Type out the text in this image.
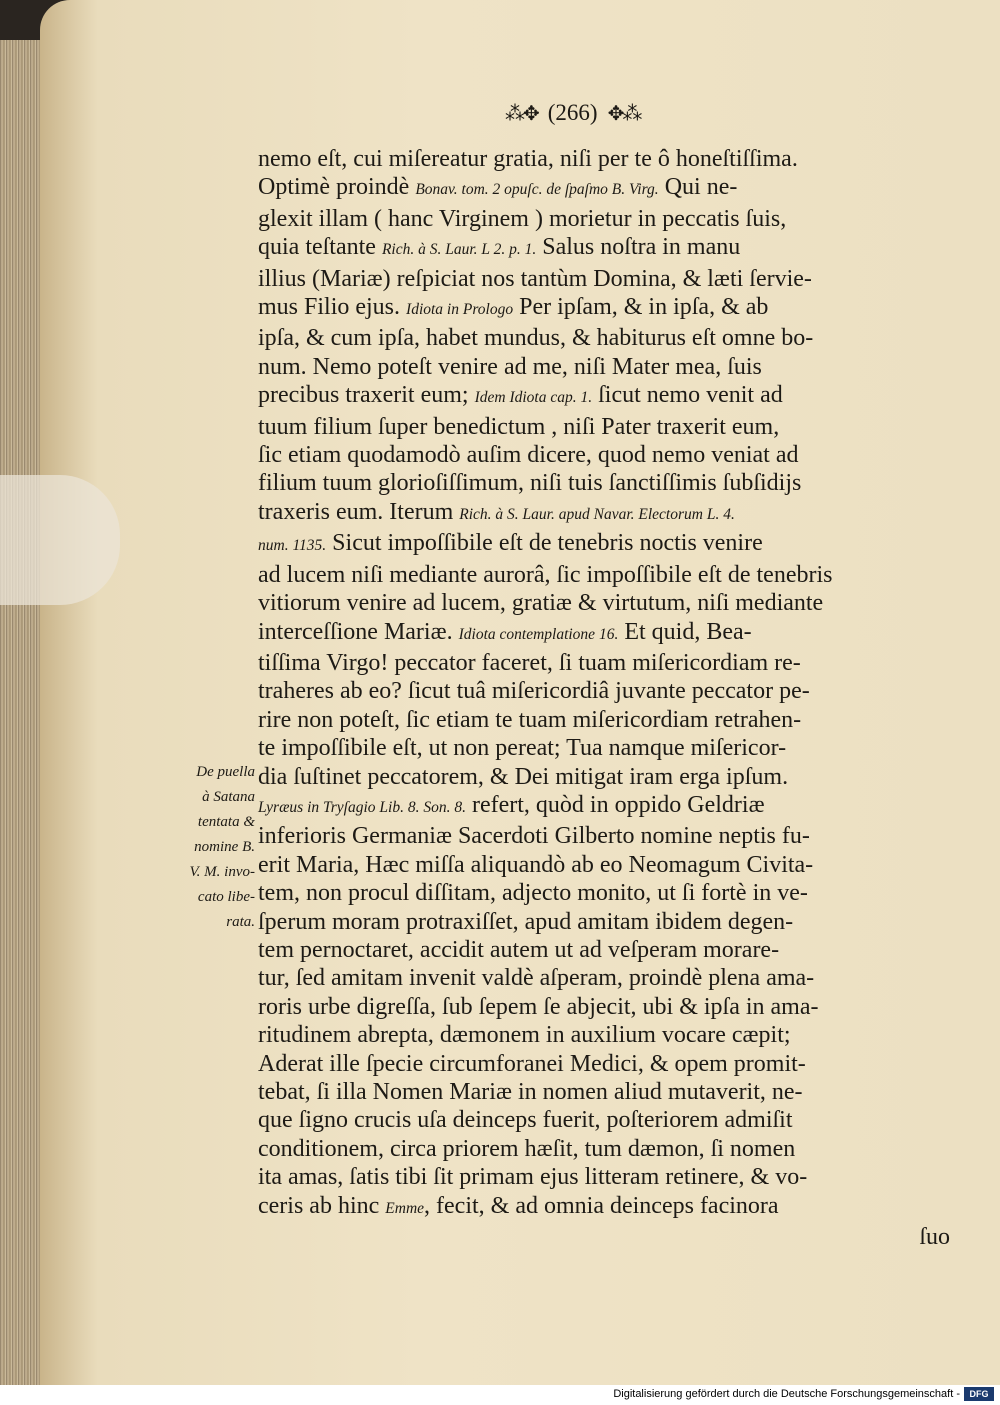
⁂✥ (266) ✥⁂
nemo eſt, cui miſereatur gratia, niſi per te ô honeſtiſſima.
Optimè proindè Bonav. tom. 2 opuſc. de ſpaſmo B. Virg. Qui ne-
glexit illam ( hanc Virginem ) morietur in peccatis ſuis,
quia teſtante Rich. à S. Laur. L 2. p. 1. Salus noſtra in manu
illius (Mariæ) reſpiciat nos tantùm Domina, & læti ſervie-
mus Filio ejus. Idiota in Prologo Per ipſam, & in ipſa, & ab
ipſa, & cum ipſa, habet mundus, & habiturus eſt omne bo-
num. Nemo poteſt venire ad me, niſi Mater mea, ſuis
precibus traxerit eum; Idem Idiota cap. 1. ſicut nemo venit ad
tuum filium ſuper benedictum , niſi Pater traxerit eum,
ſic etiam quodamodò auſim dicere, quod nemo veniat ad
filium tuum glorioſiſſimum, niſi tuis ſanctiſſimis ſubſidijs
traxeris eum. Iterum Rich. à S. Laur. apud Navar. Electorum L. 4.
num. 1135. Sicut impoſſibile eſt de tenebris noctis venire
ad lucem niſi mediante aurorâ, ſic impoſſibile eſt de tenebris
vitiorum venire ad lucem, gratiæ & virtutum, niſi mediante
interceſſione Mariæ. Idiota contemplatione 16. Et quid, Bea-
tiſſima Virgo! peccator faceret, ſi tuam miſericordiam re-
traheres ab eo? ſicut tuâ miſericordiâ juvante peccator pe-
rire non poteſt, ſic etiam te tuam miſericordiam retrahen-
te impoſſibile eſt, ut non pereat; Tua namque miſericor-
dia ſuſtinet peccatorem, & Dei mitigat iram erga ipſum.
Lyræus in Tryſagio Lib. 8. Son. 8. refert, quòd in oppido Geldriæ
inferioris Germaniæ Sacerdoti Gilberto nomine neptis fu-
erit Maria, Hæc miſſa aliquandò ab eo Neomagum Civita-
tem, non procul diſſitam, adjecto monito, ut ſi fortè in ve-
ſperum moram protraxiſſet, apud amitam ibidem degen-
tem pernoctaret, accidit autem ut ad veſperam morare-
tur, ſed amitam invenit valdè aſperam, proindè plena ama-
roris urbe digreſſa, ſub ſepem ſe abjecit, ubi & ipſa in ama-
ritudinem abrepta, dæmonem in auxilium vocare cæpit;
Aderat ille ſpecie circumforanei Medici, & opem promit-
tebat, ſi illa Nomen Mariæ in nomen aliud mutaverit, ne-
que ſigno crucis uſa deinceps fuerit, poſteriorem admiſit
conditionem, circa priorem hæſit, tum dæmon, ſi nomen
ita amas, ſatis tibi ſit primam ejus litteram retinere, & vo-
ceris ab hinc Emme, fecit, & ad omnia deinceps facinora
ſuo
De puella
à Satana
tentata &
nomine B.
V. M. invo-
cato libe-
rata.
Digitalisierung gefördert durch die Deutsche Forschungsgemeinschaft -	DFG
